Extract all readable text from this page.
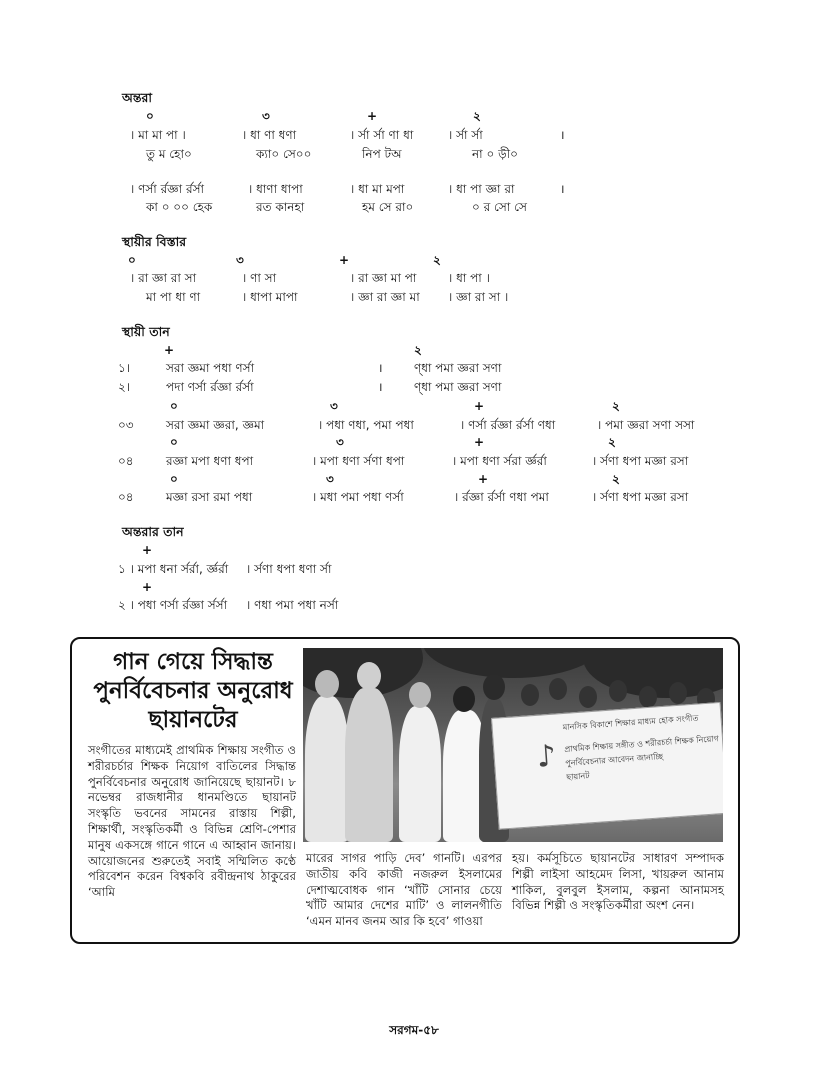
অন্তরা
০	৩	+	২
। মা মা পা ।	। ধা ণা ধণা	। র্সা র্সা ণা ধা	। র্সা র্সা	।
তু ম হো০	ক্যা০ সে০০	নিপ টঅ	না ০ ড়ী০
। ণর্সা র্রজ্ঞা র্রর্সা	। ধাণা ধাপা	। ধা মা মপা	। ধা পা জ্ঞা রা	।
কা ০ ০০ হেক	রত কানহা	হম সে রা০	০ র সো সে
স্থায়ীর বিস্তার
০	৩	+	২
। রা জ্ঞা রা সা	। ণা সা	। রা জ্ঞা মা পা	। ধা পা ।
মা পা ধা ণা	। ধাপা মাপা	। জ্ঞা রা জ্ঞা মা । জ্ঞা রা সা ।
স্থায়ী তান
+	২
১।	সরা জ্ঞমা পধা ণর্সা	।	ণ্ধা পমা জ্ঞরা সণা
২।	পদা ণর্সা র্রজ্ঞা র্রর্সা	।	ণ্ধা পমা জ্ঞরা সণা
০	৩	+	২
০৩	সরা জ্ঞমা জ্ঞরা, জ্ঞমা	। পধা ণধা, পমা পধা	। ণর্সা র্রজ্ঞা র্রর্সা ণধা	। পমা জ্ঞরা সণা সসা
০	৩	+	২
০৪	রজ্ঞা মপা ধণা ধপা	। মপা ধণা র্সণা ধপা	। মপা ধণা র্সরা র্জ্ঞর্রা	। র্সণা ধপা মজ্ঞা রসা
০	৩	+	২
০৪	মজ্ঞা রসা রমা পধা	। মধা পমা পধা ণর্সা	। র্রজ্ঞা র্রর্সা ণধা পমা	। র্সণা ধপা মজ্ঞা রসা
অন্তরার তান
+
১ । মপা ধনা র্সর্রা, র্জ্ঞর্রা । র্সণা ধপা ধণা র্সা
+
২ । পধা ণর্সা র্রজ্ঞা র্সর্সা । ণধা পমা পধা নর্সা
গান গেয়ে সিদ্ধান্ত
পুনর্বিবেচনার অনুরোধ
ছায়ানটের
♪
মানসিক বিকাশে শিক্ষার মাধ্যম হোক সংগীত
প্রাথমিক শিক্ষায় সঙ্গীত ও শরীরচর্চা শিক্ষক নিয়োগ
পুনর্বিবেচনার আবেদন জানাচ্ছি
ছায়ানট

সংগীতের মাধ্যমেই প্রাথমিক শিক্ষায় সংগীত ও শরীরচর্চার শিক্ষক নিয়োগ বাতিলের সিদ্ধান্ত পুনর্বিবেচনার অনুরোধ জানিয়েছে ছায়ানট। ৮ নভেম্বর রাজধানীর ধানমণ্ডিতে ছায়ানট সংস্কৃতি ভবনের সামনের রাস্তায় শিল্পী, শিক্ষার্থী, সংস্কৃতিকর্মী ও বিভিন্ন শ্রেণি-পেশার মানুষ একসঙ্গে গানে গানে এ আহ্বান জানায়। আয়োজনের শুরুতেই সবাই সম্মিলিত কণ্ঠে পরিবেশন করেন বিশ্বকবি রবীন্দ্রনাথ ঠাকুরের ‘আমি

মারের সাগর পাড়ি দেব’ গানটি। এরপর জাতীয় কবি কাজী নজরুল ইসলামের দেশাত্মবোধক গান ‘খাঁটি সোনার চেয়ে খাঁটি আমার দেশের মাটি’ ও লালনগীতি ‘এমন মানব জনম আর কি হবে’ গাওয়া

হয়। কর্মসূচিতে ছায়ানটের সাধারণ সম্পাদক শিল্পী লাইসা আহমেদ লিসা, খায়রুল আনাম শাকিল, বুলবুল ইসলাম, কল্পনা আনামসহ বিভিন্ন শিল্পী ও সংস্কৃতিকর্মীরা অংশ নেন।

সরগম-৫৮
